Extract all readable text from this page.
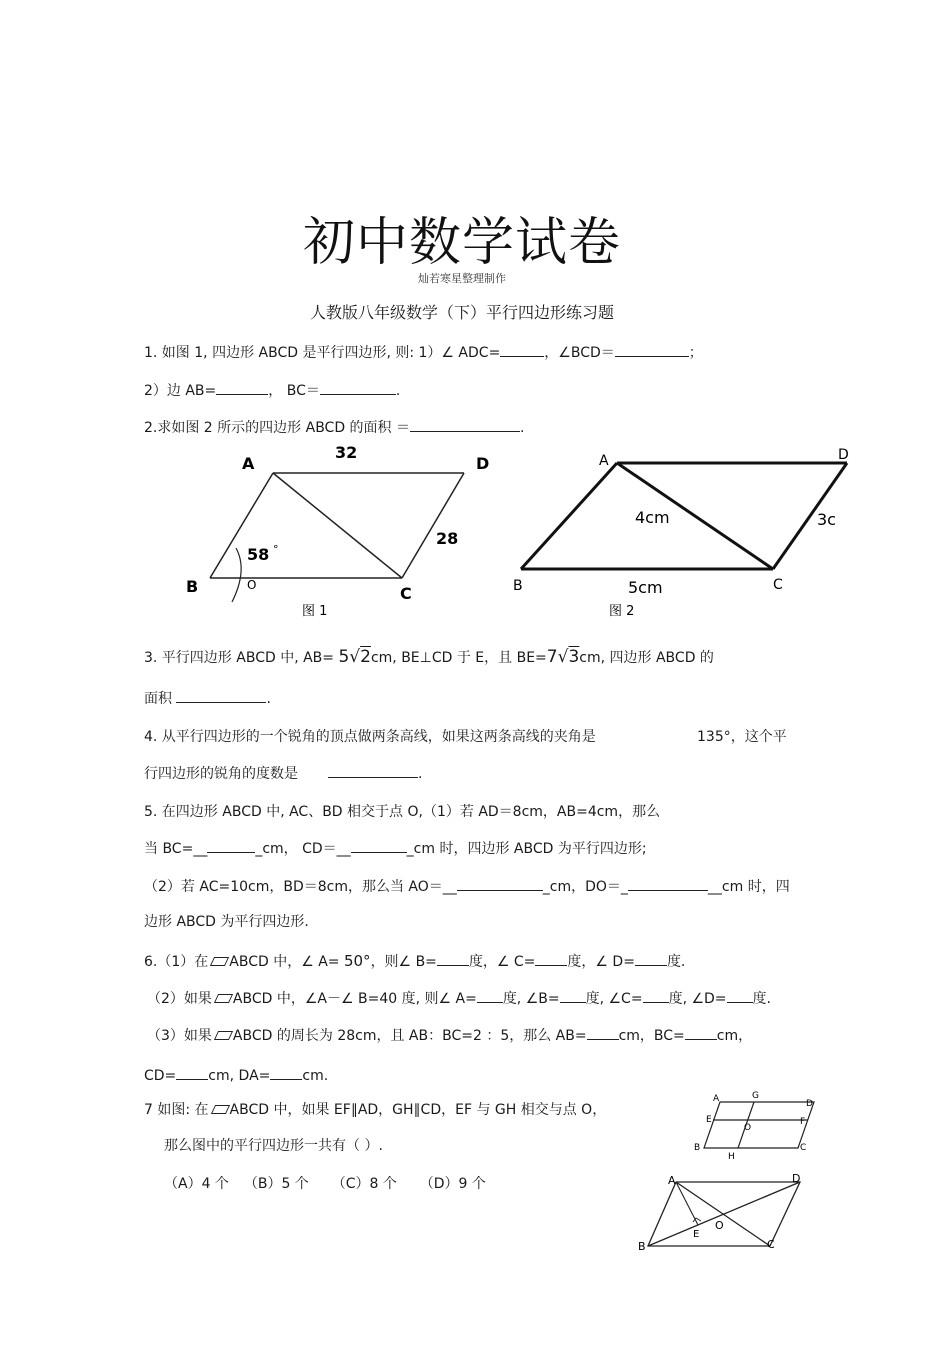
初中数学试卷
灿若寒星整理制作
人教版八年级数学（下）平行四边形练习题
1. 如图 1, 四边形 ABCD 是平行四边形, 则: 1）∠ ADC=	，∠BCD＝	；
2）边 AB=	， BC＝	.
2.求如图 2 所示的四边形 ABCD 的面积 ＝	.
A
32
D
28
58 °
O
B	C
图 1
A	D
4cm	3c
B	5cm	C
图 2
3. 平行四边形 ABCD 中, AB= 5√2cm, BE⊥CD 于 E，且 BE=7√3cm, 四边形 ABCD 的
面积	.
4. 从平行四边形的一个锐角的顶点做两条高线，如果这两条高线的夹角是	135°，这个平
行四边形的锐角的度数是	.
5. 在四边形 ABCD 中, AC、BD 相交于点 O,（1）若 AD＝8cm，AB=4cm，那么
当 BC=__	_cm， CD＝__	_cm 时，四边形 ABCD 为平行四边形;
（2）若 AC=10cm，BD＝8cm，那么当 AO＝__	_cm，DO＝_	__cm 时，四
边形 ABCD 为平行四边形.
6.（1）在 ABCD 中，∠ A= 50°，则∠ B= 度，∠ C= 度，∠ D= 度.
（2）如果 ABCD 中，∠A－∠ B=40 度, 则∠ A= 度, ∠B= 度, ∠C= 度, ∠D= 度.
（3）如果 ABCD 的周长为 28cm，且 AB：BC=2 ：5，那么 AB= cm，BC= cm，
CD= cm, DA= cm.
7 如图: 在 ABCD 中，如果 EF∥AD，GH∥CD，EF 与 GH 相交与点 O，
那么图中的平行四边形一共有（ ）.
（A）4 个 （B）5 个 （C）8 个 （D）9 个
A	G
D
E
O
F
B
H
C
A	D
O
E
B	C
